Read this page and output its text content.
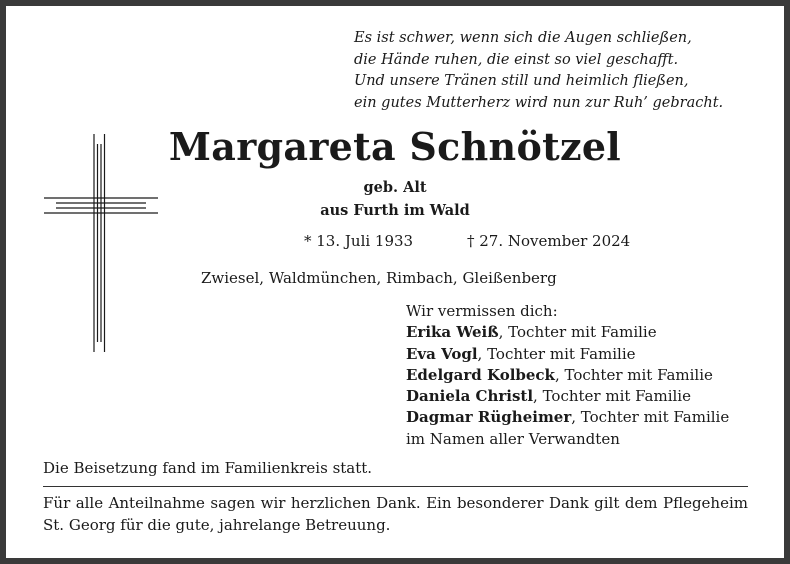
Es ist schwer, wenn sich die Augen schließen,
die Hände ruhen, die einst so viel geschafft.
Und unsere Tränen still und heimlich fließen,
ein gutes Mutterherz wird nun zur Ruh’ gebracht.
Margareta Schnötzel
geb. Alt
aus Furth im Wald
* 13. Juli 1933	† 27. November 2024
Zwiesel, Waldmünchen, Rimbach, Gleißenberg
Wir vermissen dich:
Erika Weiß, Tochter mit Familie
Eva Vogl, Tochter mit Familie
Edelgard Kolbeck, Tochter mit Familie
Daniela Christl, Tochter mit Familie
Dagmar Rügheimer, Tochter mit Familie
im Namen aller Verwandten
Die Beisetzung fand im Familienkreis statt.
Für alle Anteilnahme sagen wir herzlichen Dank. Ein besonderer Dank gilt dem Pflegeheim St. Georg für die gute, jahrelange Betreuung.
